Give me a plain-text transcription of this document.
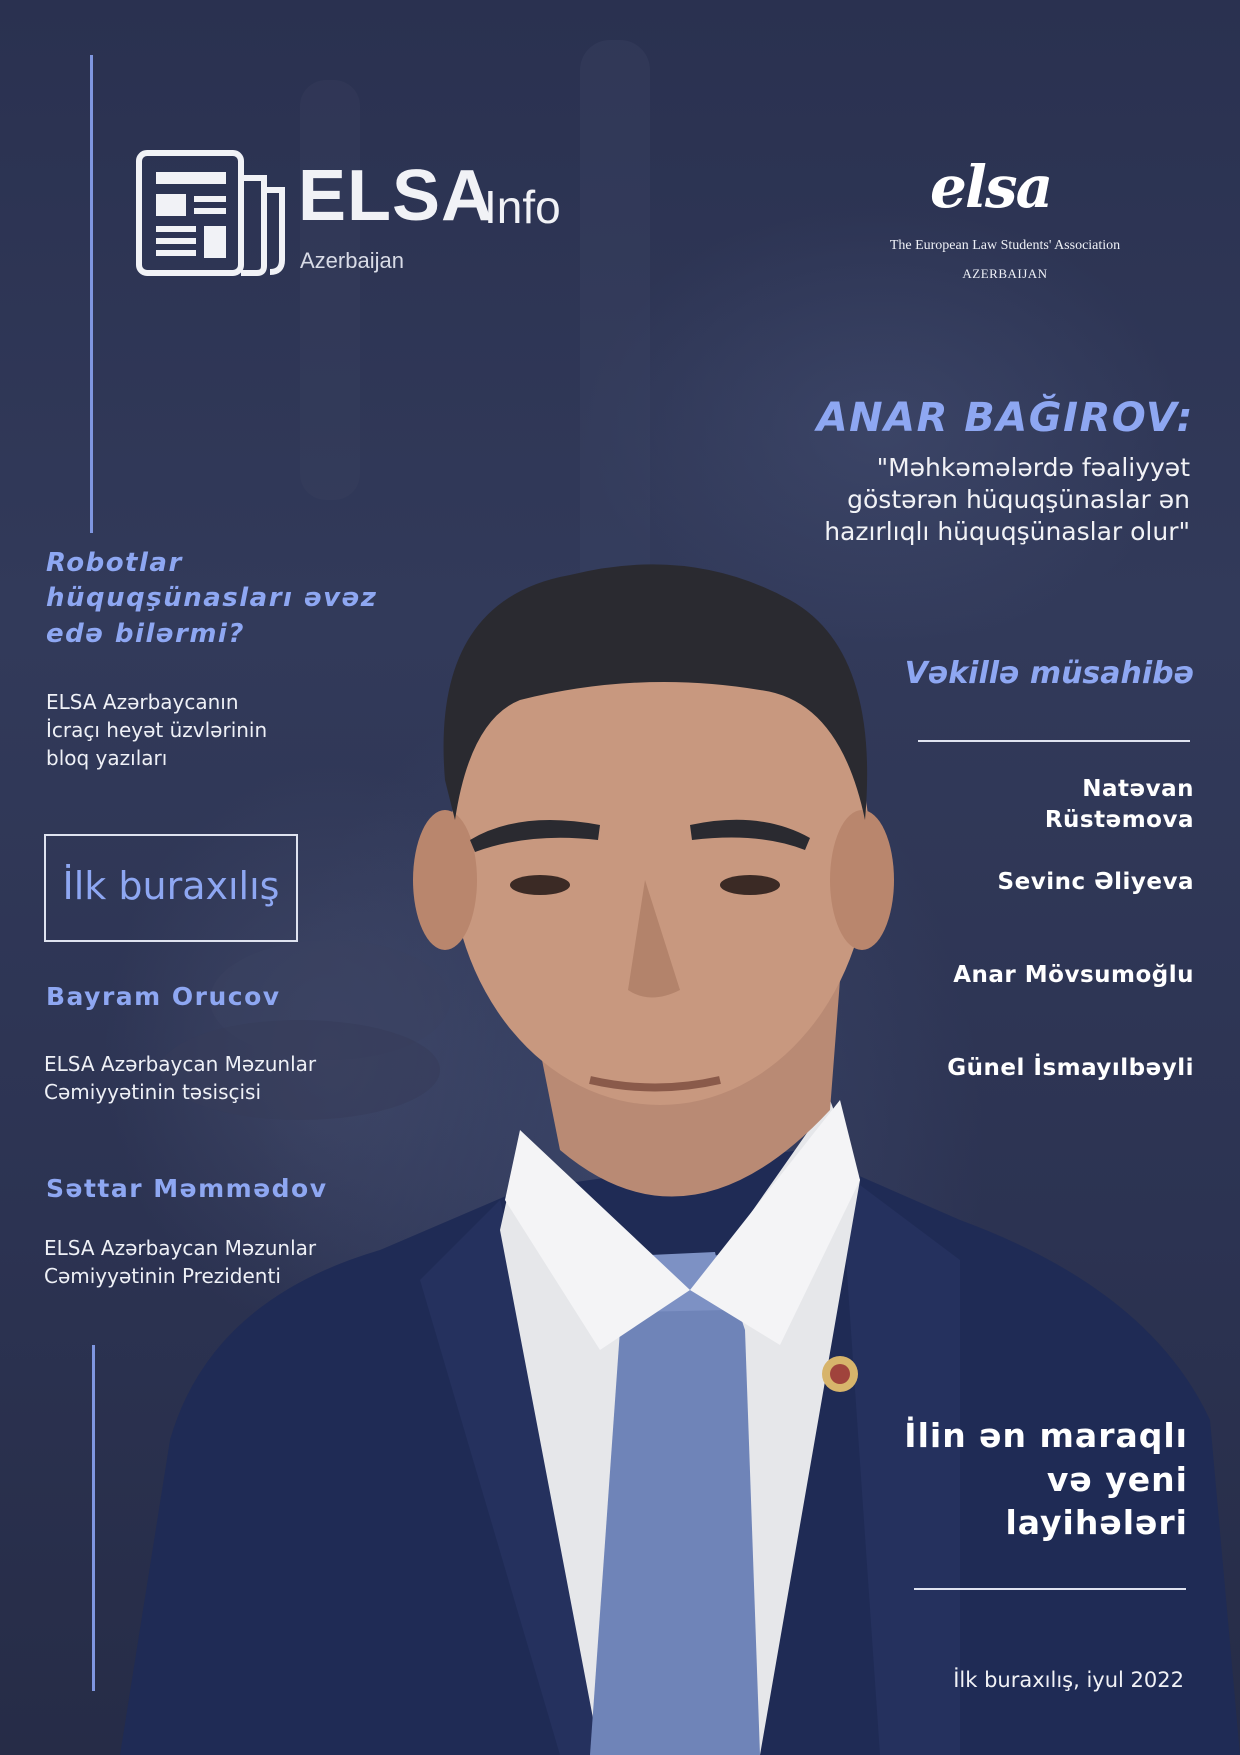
ELSA
Info
Azerbaijan
elsa
The European Law Students' Association
AZERBAIJAN
ANAR BAĞIROV:
"Məhkəmələrdə fəaliyyət göstərən hüquqşünaslar ən hazırlıqlı hüquqşünaslar olur"
Vəkillə müsahibə
Natəvan Rüstəmova
Sevinc Əliyeva
Anar Mövsumoğlu
Günel İsmayılbəyli
Robotlar hüquqşünasları əvəz edə bilərmi?
ELSA Azərbaycanın İcraçı heyət üzvlərinin bloq yazıları
İlk buraxılış
Bayram Orucov
ELSA Azərbaycan Məzunlar Cəmiyyətinin təsisçisi
Səttar Məmmədov
ELSA Azərbaycan Məzunlar  Cəmiyyətinin Prezidenti
İlin ən maraqlı və yeni layihələri
İlk buraxılış, iyul 2022
